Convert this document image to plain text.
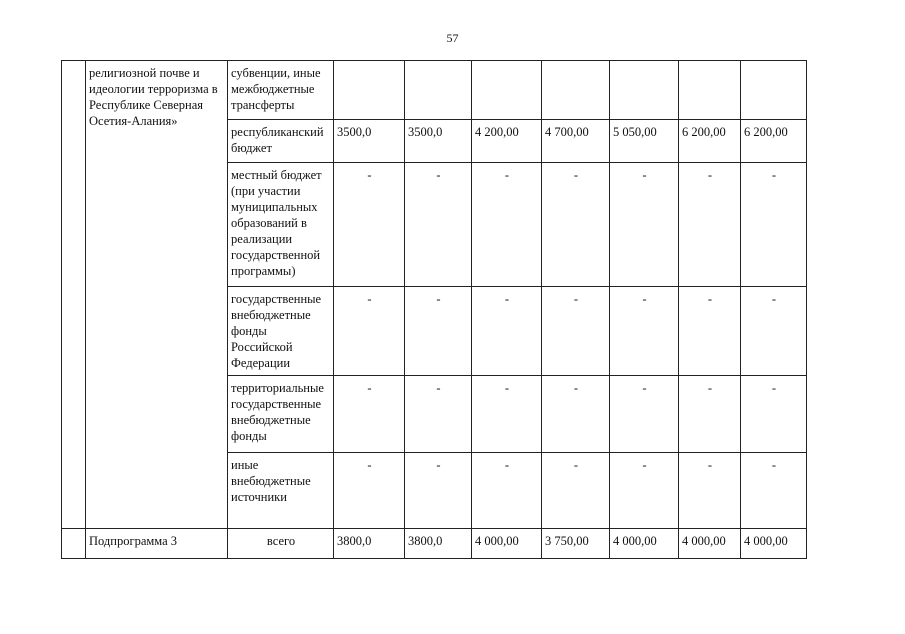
57
	религиозной почве и идеологии терроризма в Республике Северная Осетия-Алания»	субвенции, иные межбюджетные трансферты							
		республиканский бюджет	3500,0	3500,0	4 200,00	4 700,00	5 050,00	6 200,00	6 200,00
		местный бюджет (при участии муниципальных образований в реализации государственной программы)	-	-	-	-	-	-	-
		государственные внебюджетные фонды Российской Федерации	-	-	-	-	-	-	-
		территориальные государственные внебюджетные фонды	-	-	-	-	-	-	-
		иные внебюджетные источники	-	-	-	-	-	-	-
	Подпрограмма 3	всего	3800,0	3800,0	4 000,00	3 750,00	4 000,00	4 000,00	4 000,00
